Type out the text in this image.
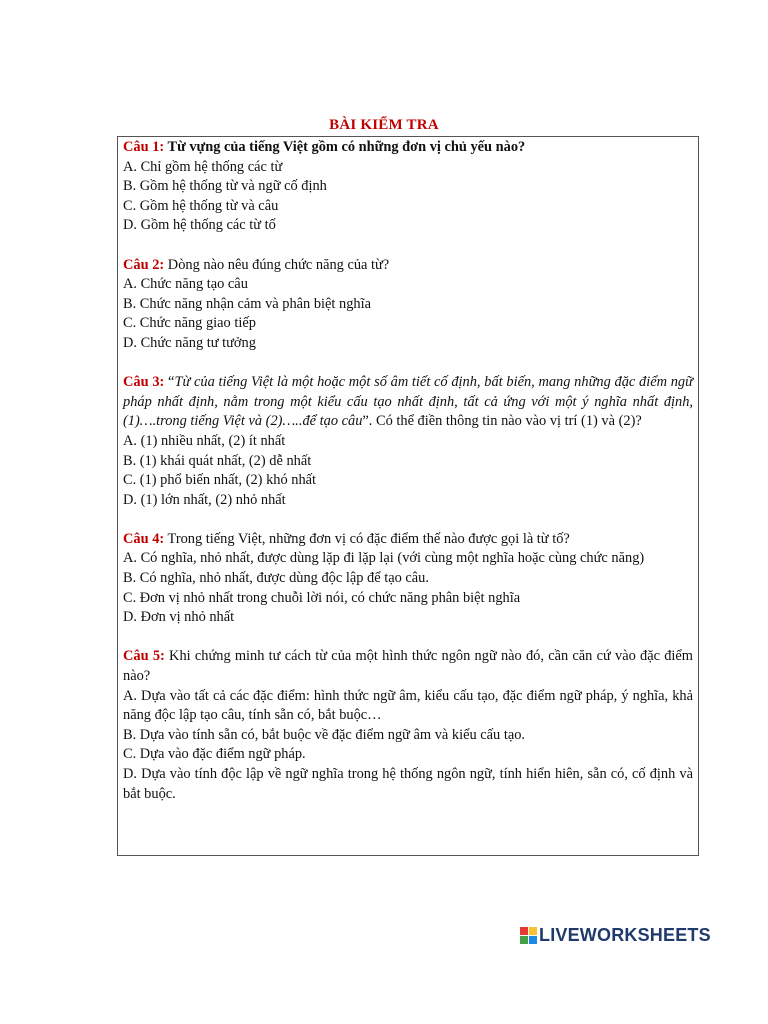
BÀI KIỂM TRA

Câu 1: Từ vựng của tiếng Việt gồm có những đơn vị chủ yếu nào?

A. Chỉ gồm hệ thống các từ

B. Gồm hệ thống từ và ngữ cố định

C. Gồm hệ thống từ và câu

D. Gồm hệ thống các từ tố

Câu 2: Dòng nào nêu đúng chức năng của từ?

A. Chức năng tạo câu

B. Chức năng nhận cảm và phân biệt nghĩa

C. Chức năng giao tiếp

D. Chức năng tư tưởng

Câu 3: “Từ của tiếng Việt là một hoặc một số âm tiết cố định, bất biến, mang những đặc điểm ngữ pháp nhất định, nằm trong một kiểu cấu tạo nhất định, tất cả ứng với một ý nghĩa nhất định, (1)….trong tiếng Việt và (2)…..để tạo câu”. Có thể điền thông tin nào vào vị trí (1) và (2)?

A. (1) nhiều nhất, (2) ít nhất

B. (1) khái quát nhất, (2) dễ nhất

C. (1) phổ biến nhất, (2) khó nhất

D. (1) lớn nhất, (2) nhỏ nhất

Câu 4: Trong tiếng Việt, những đơn vị có đặc điểm thế nào được gọi là từ tố?

A. Có nghĩa, nhỏ nhất, được dùng lặp đi lặp lại (với cùng một nghĩa hoặc cùng chức năng)

B. Có nghĩa, nhỏ nhất, được dùng độc lập để tạo câu.

C. Đơn vị nhỏ nhất trong chuỗi lời nói, có chức năng phân biệt nghĩa

D. Đơn vị nhỏ nhất

Câu 5: Khi chứng minh tư cách từ của một hình thức ngôn ngữ nào đó, cần căn cứ vào đặc điểm nào?

A. Dựa vào tất cả các đặc điểm: hình thức ngữ âm, kiểu cấu tạo, đặc điểm ngữ pháp, ý nghĩa, khả năng độc lập tạo câu, tính sẵn có, bắt buộc…

B. Dựa vào tính sẵn có, bắt buộc về đặc điểm ngữ âm và kiểu cấu tạo.

C. Dựa vào đặc điểm ngữ pháp.

D. Dựa vào tính độc lập về ngữ nghĩa trong hệ thống ngôn ngữ, tính hiển hiên, sẵn có, cố định và bắt buộc.

LIVEWORKSHEETS
